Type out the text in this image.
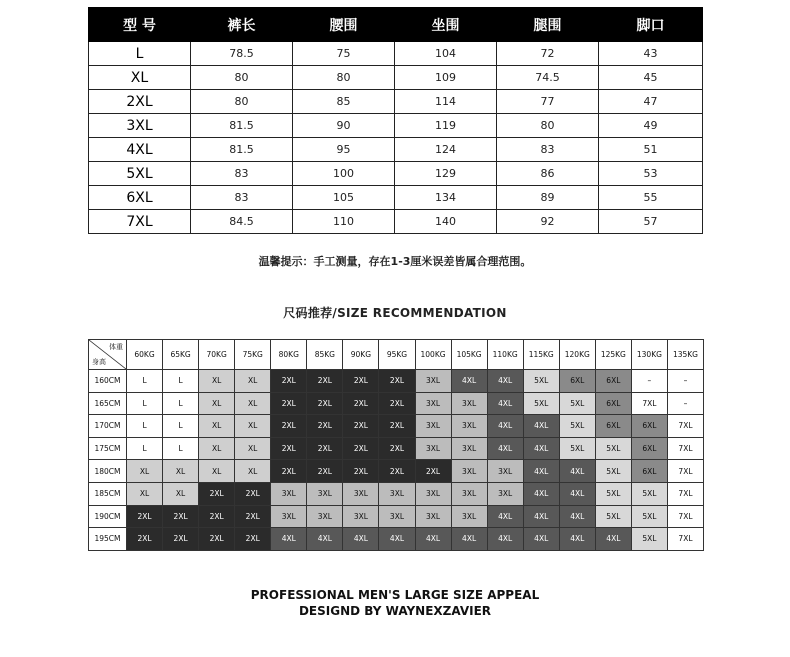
型 号	裤长	腰围	坐围	腿围	脚口
L	78.5	75	104	72	43
XL	80	80	109	74.5	45
2XL	80	85	114	77	47
3XL	81.5	90	119	80	49
4XL	81.5	95	124	83	51
5XL	83	100	129	86	53
6XL	83	105	134	89	55
7XL	84.5	110	140	92	57
温馨提示：手工测量，存在1-3厘米误差皆属合理范围。
尺码推荐/SIZE RECOMMENDATION
体重
身高	60KG	65KG	70KG	75KG	80KG	85KG	90KG	95KG	100KG	105KG	110KG	115KG	120KG	125KG	130KG	135KG
160CM	L	L	XL	XL	2XL	2XL	2XL	2XL	3XL	4XL	4XL	5XL	6XL	6XL	–	–
165CM	L	L	XL	XL	2XL	2XL	2XL	2XL	3XL	3XL	4XL	5XL	5XL	6XL	7XL	–
170CM	L	L	XL	XL	2XL	2XL	2XL	2XL	3XL	3XL	4XL	4XL	5XL	6XL	6XL	7XL
175CM	L	L	XL	XL	2XL	2XL	2XL	2XL	3XL	3XL	4XL	4XL	5XL	5XL	6XL	7XL
180CM	XL	XL	XL	XL	2XL	2XL	2XL	2XL	2XL	3XL	3XL	4XL	4XL	5XL	6XL	7XL
185CM	XL	XL	2XL	2XL	3XL	3XL	3XL	3XL	3XL	3XL	3XL	4XL	4XL	5XL	5XL	7XL
190CM	2XL	2XL	2XL	2XL	3XL	3XL	3XL	3XL	3XL	3XL	4XL	4XL	4XL	5XL	5XL	7XL
195CM	2XL	2XL	2XL	2XL	4XL	4XL	4XL	4XL	4XL	4XL	4XL	4XL	4XL	4XL	5XL	7XL
PROFESSIONAL MEN'S LARGE SIZE APPEAL
DESIGND BY WAYNEXZAVIER
